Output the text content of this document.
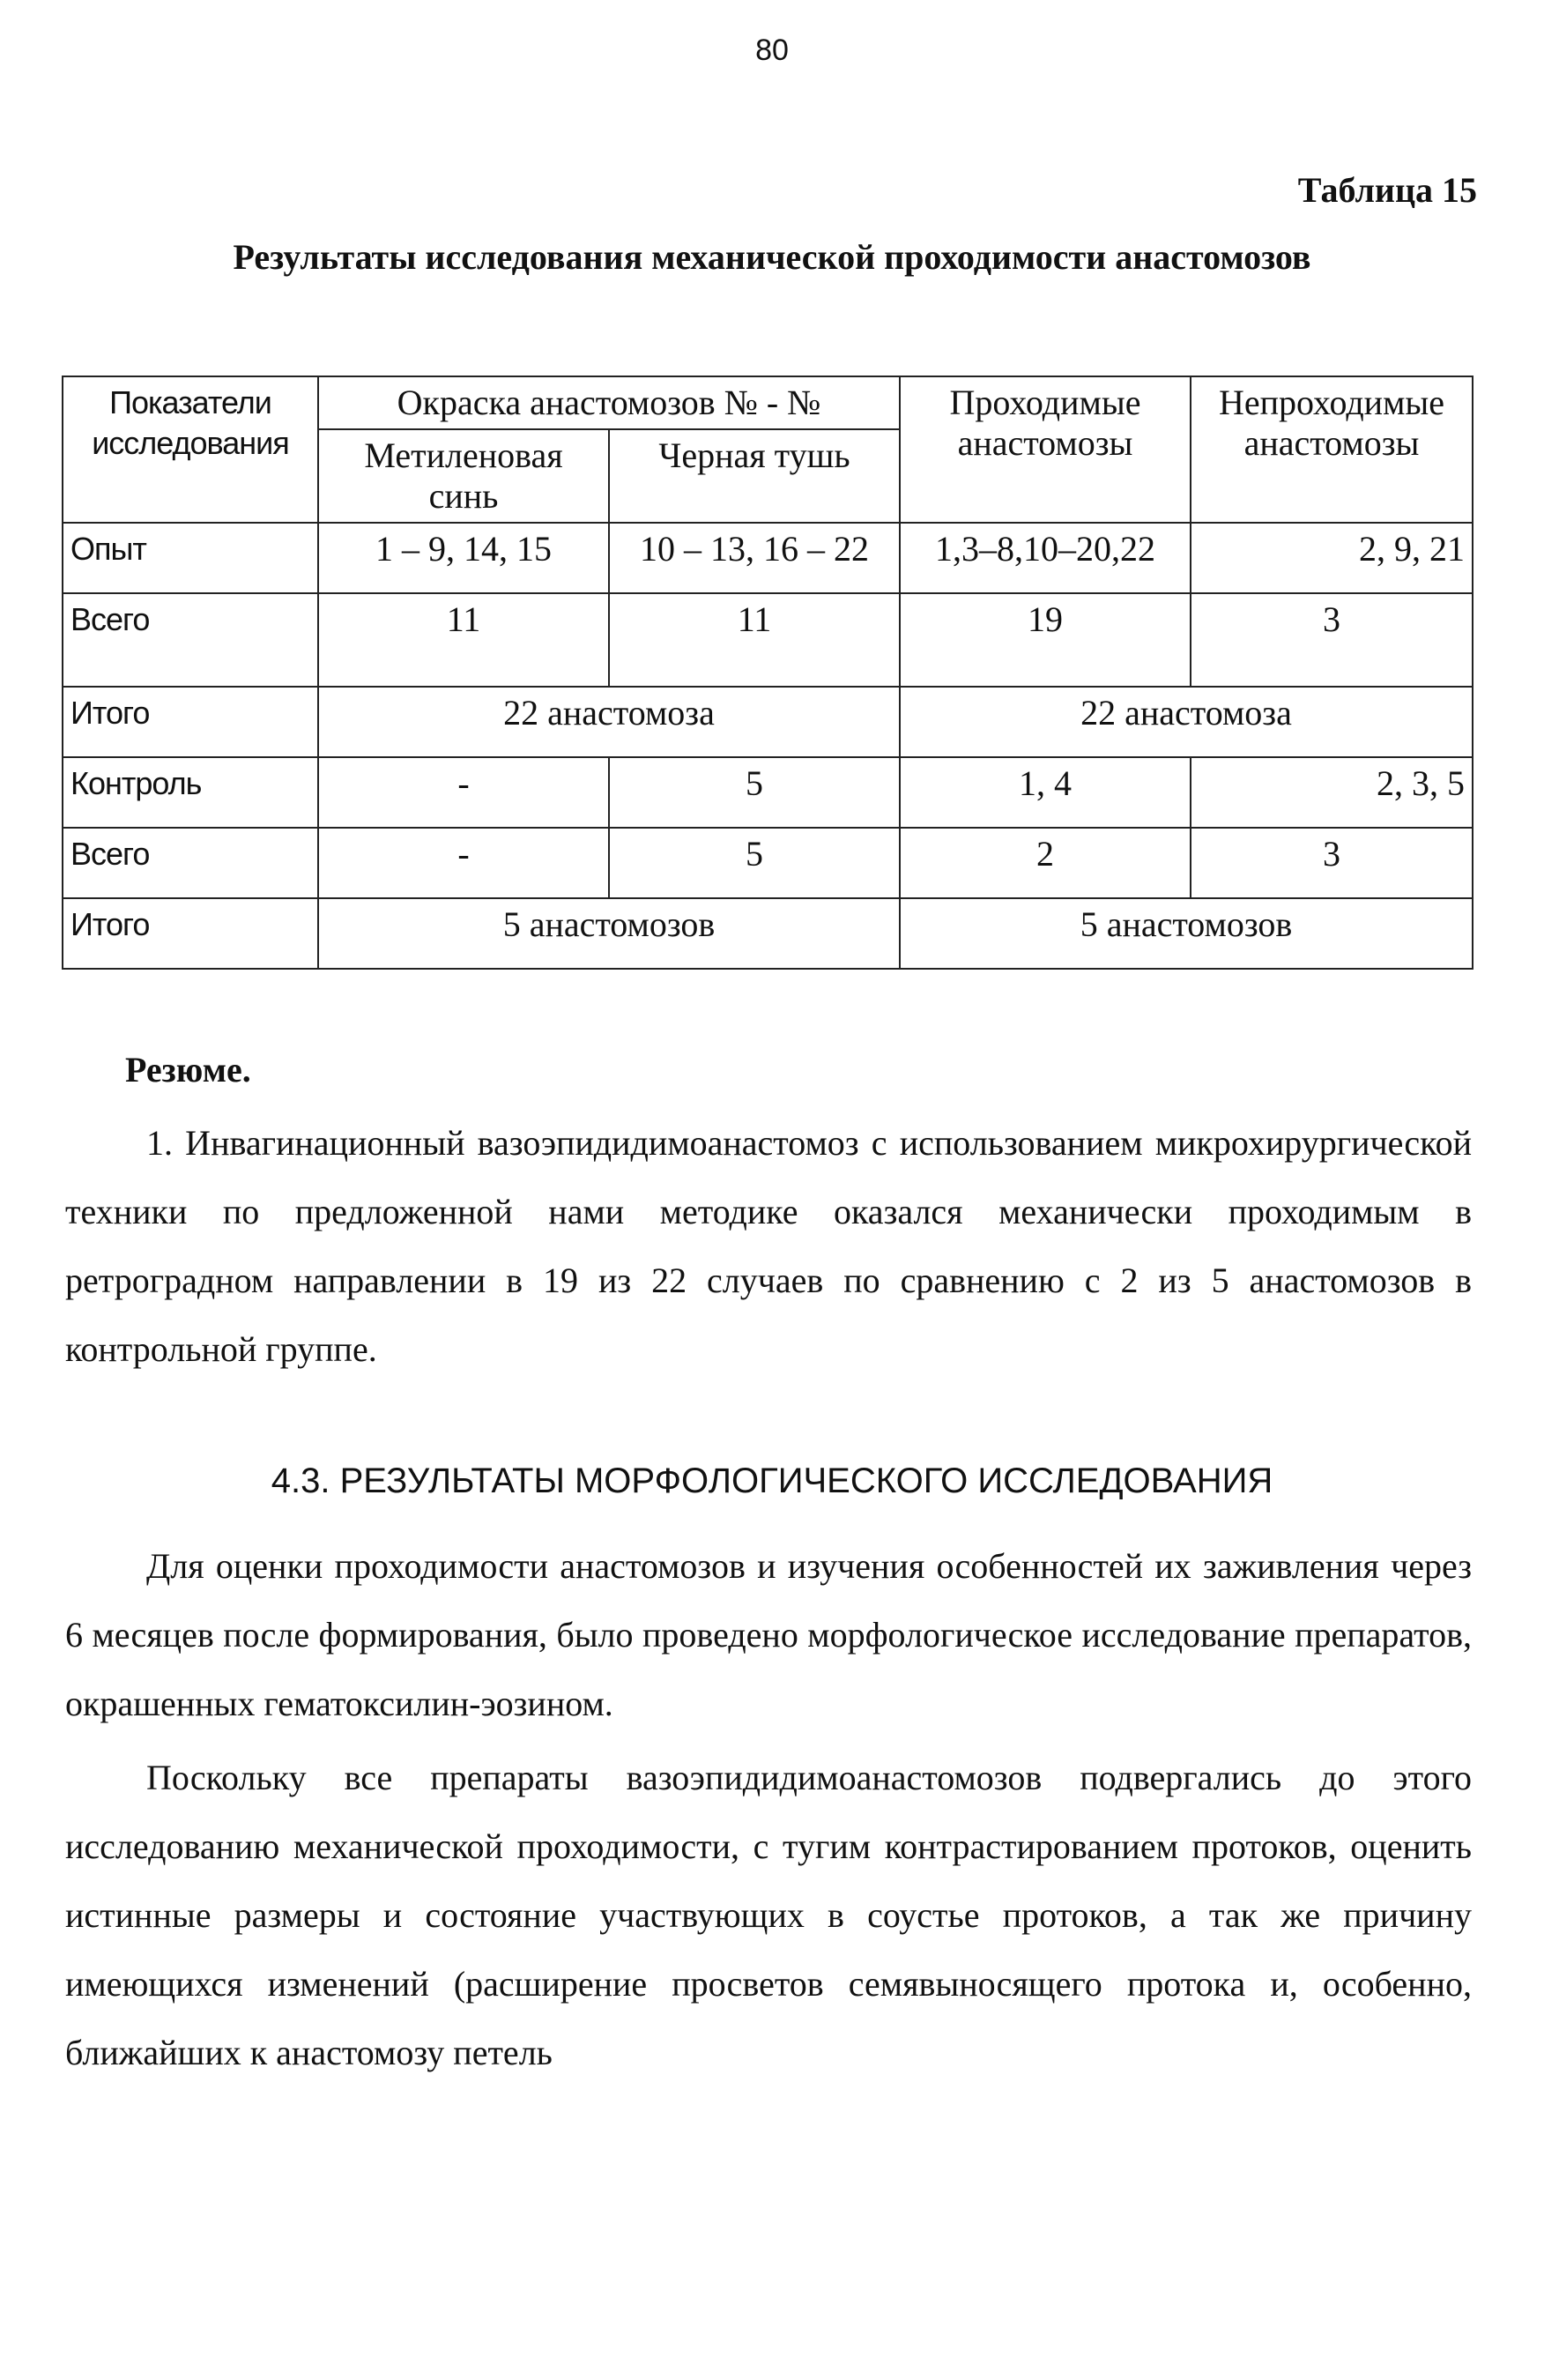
80
Таблица 15
Результаты исследования механической проходимости анастомозов
Показатели исследования	Окраска анастомозов № - №		Проходимые анастомозы	Непроходимые анастомозы
	Метиленовая синь	Черная тушь		
Опыт	1 – 9, 14, 15	10 – 13, 16 – 22	1,3–8,10–20,22	2, 9, 21
Всего	11	11	19	3
Итого	22 анастомоза		22 анастомоза	
Контроль	-	5	1, 4	2, 3, 5
Всего	-	5	2	3
Итого	5 анастомозов		5 анастомозов	
Резюме.

1. Инвагинационный вазоэпидидимоанастомоз с использованием микрохирургической техники по предложенной нами методике оказался механически проходимым в ретроградном направлении в 19 из 22 случаев по сравнению с 2 из 5 анастомозов в контрольной группе.

4.3. РЕЗУЛЬТАТЫ МОРФОЛОГИЧЕСКОГО ИССЛЕДОВАНИЯ

Для оценки проходимости анастомозов и изучения особенностей их заживления через 6 месяцев после формирования, было проведено морфологическое исследование препаратов, окрашенных гематоксилин-эозином.

Поскольку все препараты вазоэпидидимоанастомозов подвергались до этого исследованию механической проходимости, с тугим контрастированием протоков, оценить истинные размеры и состояние участвующих в соустье протоков, а так же причину имеющихся изменений (расширение просветов семявыносящего протока и, особенно, ближайших к анастомозу петель
